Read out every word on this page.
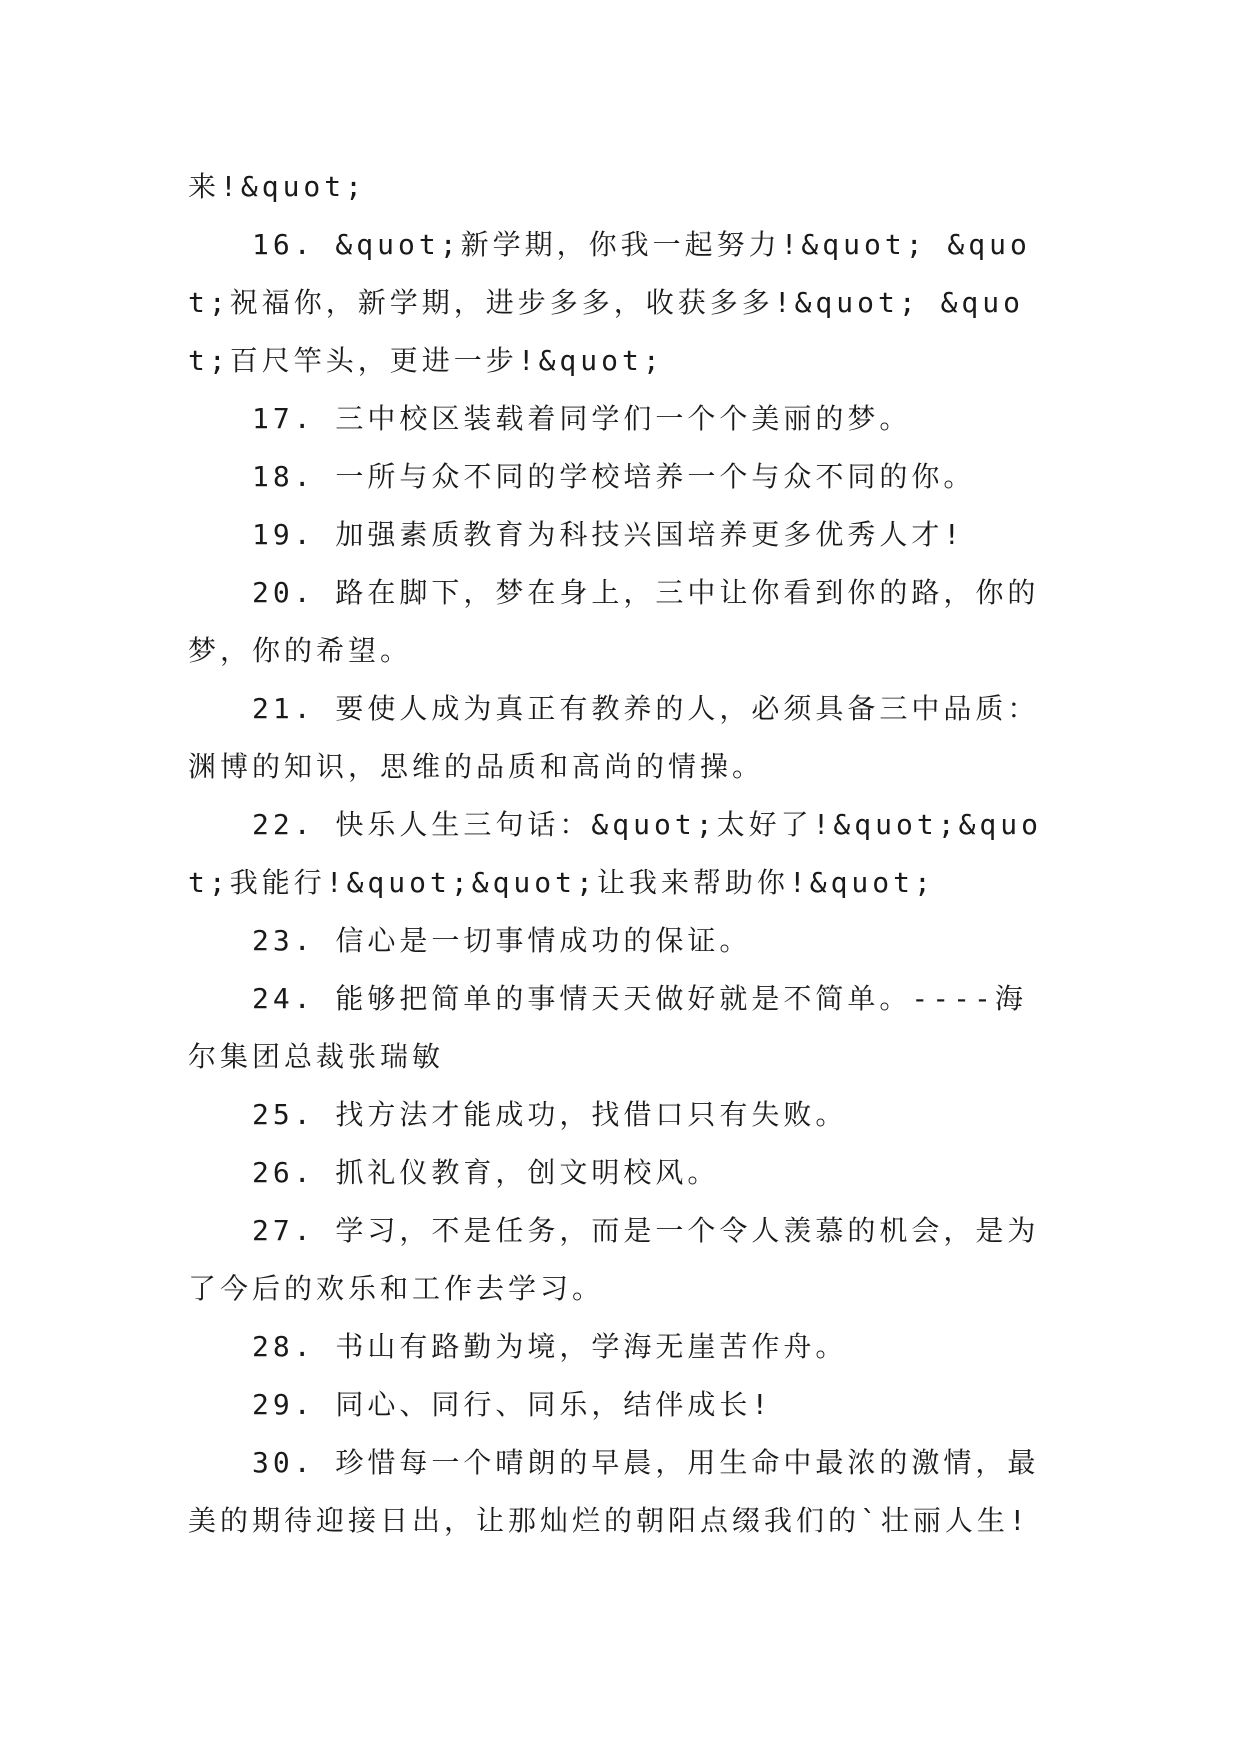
来!&quot;

16. &quot;新学期，你我一起努力!&quot; &quot;祝福你，新学期，进步多多，收获多多!&quot; &quot;百尺竿头，更进一步!&quot;

17. 三中校区装载着同学们一个个美丽的梦。

18. 一所与众不同的学校培养一个与众不同的你。

19. 加强素质教育为科技兴国培养更多优秀人才!

20. 路在脚下，梦在身上，三中让你看到你的路，你的梦，你的希望。

21. 要使人成为真正有教养的人，必须具备三中品质：渊博的知识，思维的品质和高尚的情操。

22. 快乐人生三句话：&quot;太好了!&quot;&quot;我能行!&quot;&quot;让我来帮助你!&quot;

23. 信心是一切事情成功的保证。

24. 能够把简单的事情天天做好就是不简单。----海尔集团总裁张瑞敏

25. 找方法才能成功，找借口只有失败。

26. 抓礼仪教育，创文明校风。

27. 学习，不是任务，而是一个令人羡慕的机会，是为了今后的欢乐和工作去学习。

28. 书山有路勤为境，学海无崖苦作舟。

29. 同心、同行、同乐，结伴成长!

30. 珍惜每一个晴朗的早晨，用生命中最浓的激情，最美的期待迎接日出，让那灿烂的朝阳点缀我们的`壮丽人生!
